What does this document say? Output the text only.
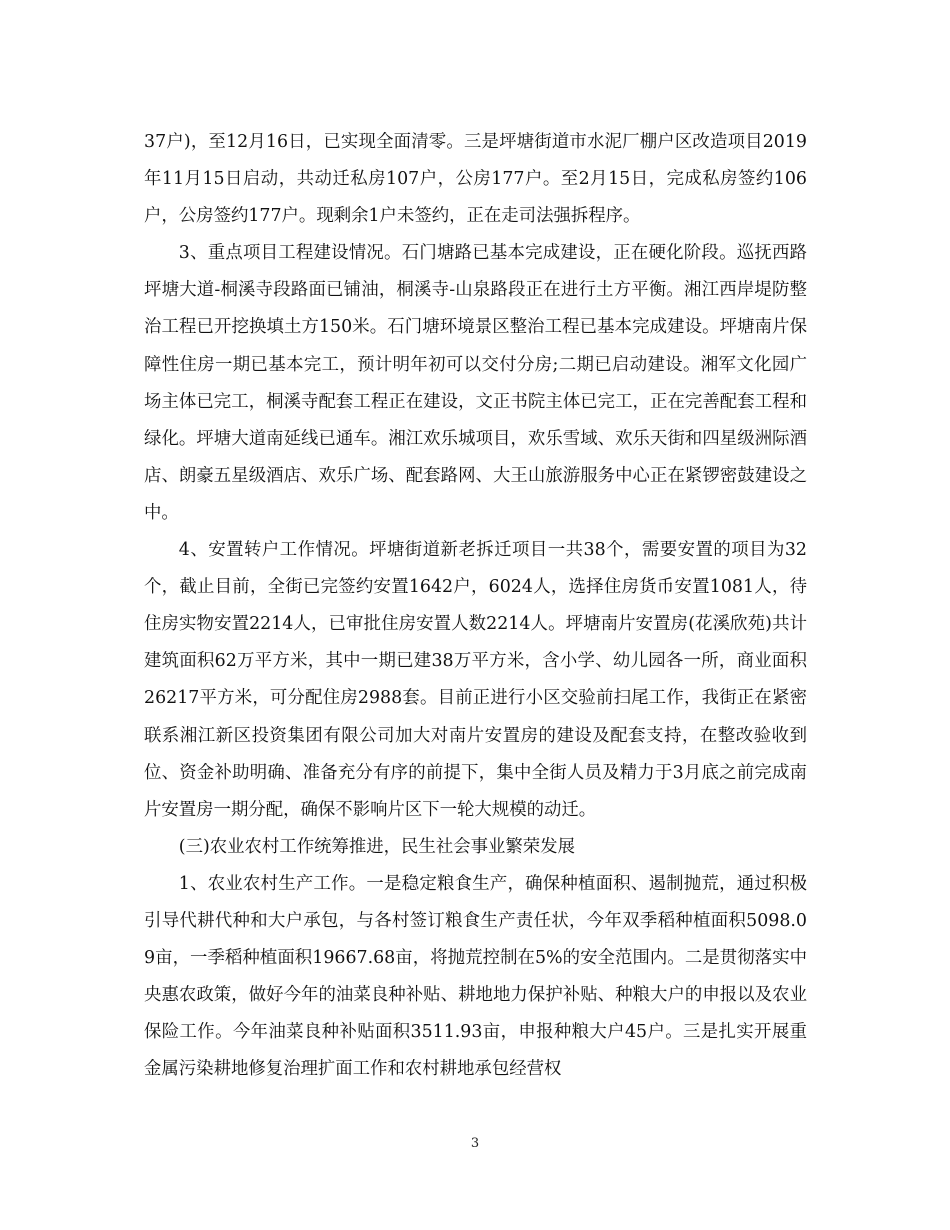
37户)，至12月16日，已实现全面清零。三是坪塘街道市水泥厂棚户区改造项目2019年11月15日启动，共动迁私房107户，公房177户。至2月15日，完成私房签约106户，公房签约177户。现剩余1户未签约，正在走司法强拆程序。

3、重点项目工程建设情况。石门塘路已基本完成建设，正在硬化阶段。巡抚西路坪塘大道-桐溪寺段路面已铺油，桐溪寺-山泉路段正在进行土方平衡。湘江西岸堤防整治工程已开挖换填土方150米。石门塘环境景区整治工程已基本完成建设。坪塘南片保障性住房一期已基本完工，预计明年初可以交付分房;二期已启动建设。湘军文化园广场主体已完工，桐溪寺配套工程正在建设，文正书院主体已完工，正在完善配套工程和绿化。坪塘大道南延线已通车。湘江欢乐城项目，欢乐雪域、欢乐天街和四星级洲际酒店、朗豪五星级酒店、欢乐广场、配套路网、大王山旅游服务中心正在紧锣密鼓建设之中。

4、安置转户工作情况。坪塘街道新老拆迁项目一共38个，需要安置的项目为32个，截止目前，全街已完签约安置1642户，6024人，选择住房货币安置1081人，待住房实物安置2214人，已审批住房安置人数2214人。坪塘南片安置房(花溪欣苑)共计建筑面积62万平方米，其中一期已建38万平方米，含小学、幼儿园各一所，商业面积26217平方米，可分配住房2988套。目前正进行小区交验前扫尾工作，我街正在紧密联系湘江新区投资集团有限公司加大对南片安置房的建设及配套支持，在整改验收到位、资金补助明确、准备充分有序的前提下，集中全街人员及精力于3月底之前完成南片安置房一期分配，确保不影响片区下一轮大规模的动迁。

(三)农业农村工作统筹推进，民生社会事业繁荣发展

1、农业农村生产工作。一是稳定粮食生产，确保种植面积、遏制抛荒，通过积极引导代耕代种和大户承包，与各村签订粮食生产责任状，今年双季稻种植面积5098.09亩，一季稻种植面积19667.68亩，将抛荒控制在5%的安全范围内。二是贯彻落实中央惠农政策，做好今年的油菜良种补贴、耕地地力保护补贴、种粮大户的申报以及农业保险工作。今年油菜良种补贴面积3511.93亩，申报种粮大户45户。三是扎实开展重金属污染耕地修复治理扩面工作和农村耕地承包经营权

3
